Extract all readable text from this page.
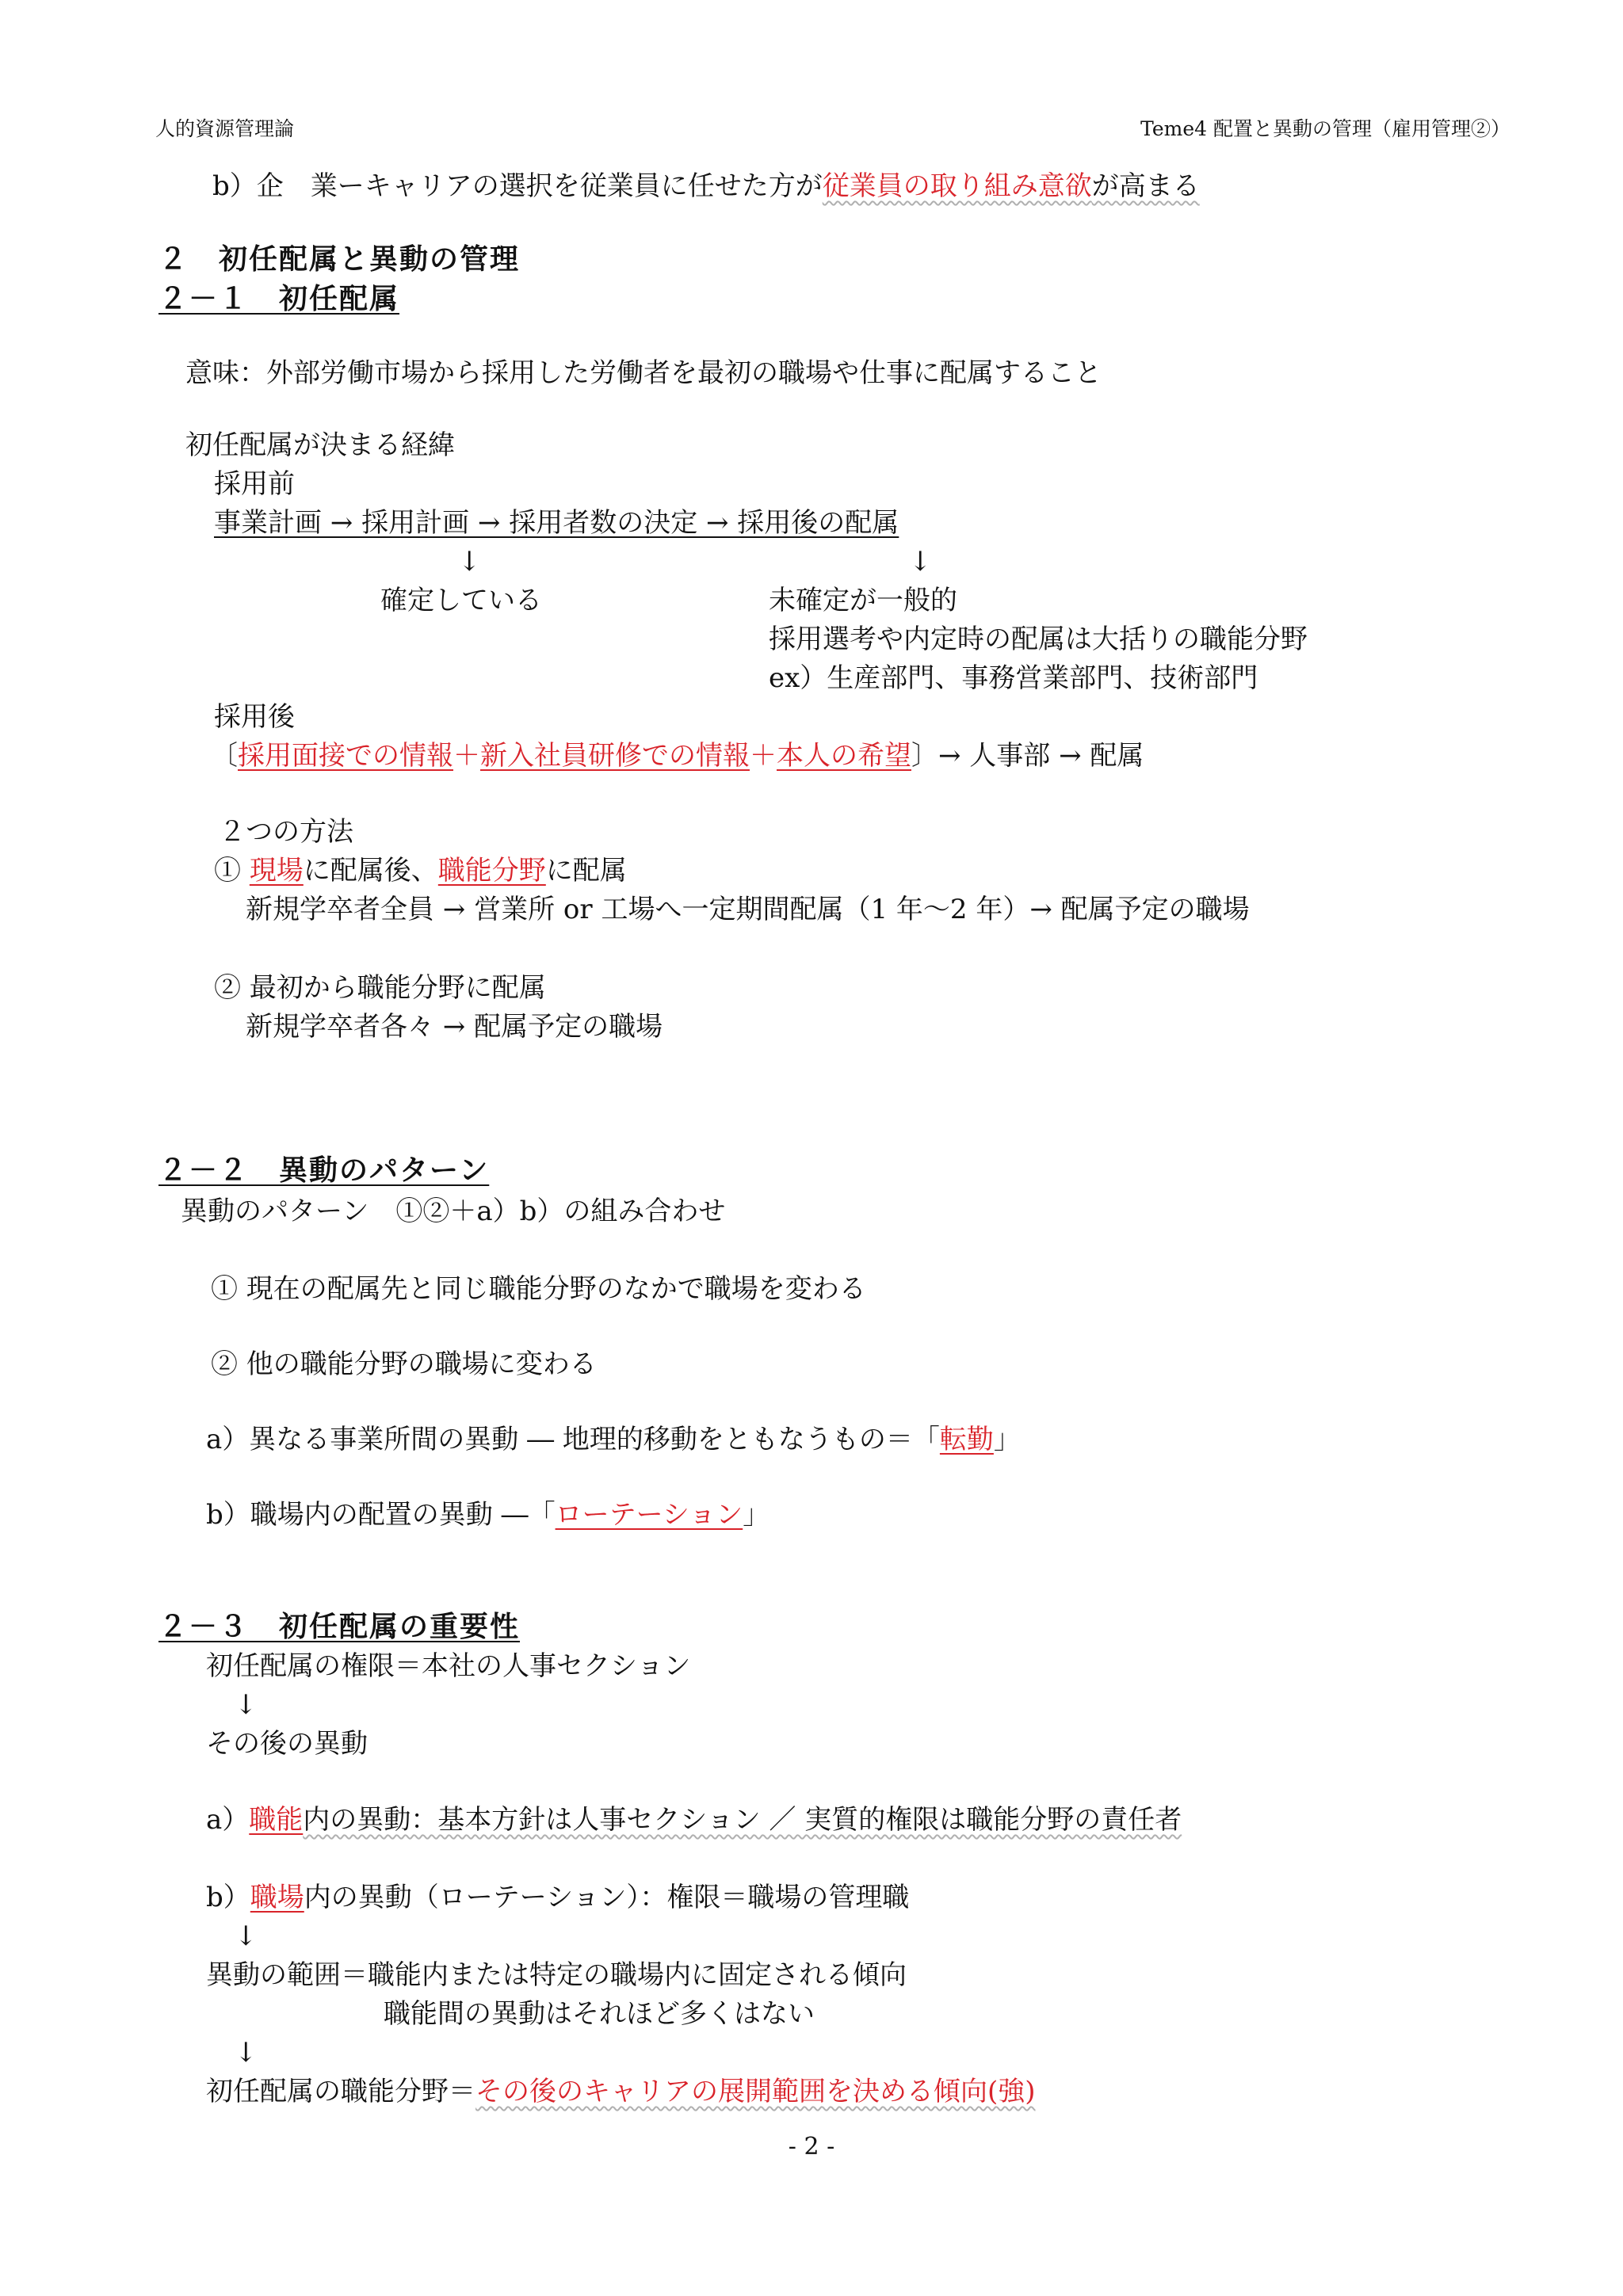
人的資源管理論	Teme4 配置と異動の管理（雇用管理②）
b）企　業ーキャリアの選択を従業員に任せた方が従業員の取り組み意欲が高まる
２　初任配属と異動の管理
２－１　初任配属
意味：外部労働市場から採用した労働者を最初の職場や仕事に配属すること
初任配属が決まる経緯
採用前
事業計画 → 採用計画 → 採用者数の決定 → 採用後の配属
↓	↓
確定している	未確定が一般的
採用選考や内定時の配属は大括りの職能分野
ex）生産部門、事務営業部門、技術部門
採用後
〔採用面接での情報＋新入社員研修での情報＋本人の希望〕→ 人事部 → 配属
２つの方法
① 現場に配属後、職能分野に配属
新規学卒者全員 → 営業所 or 工場へ一定期間配属（1 年〜2 年）→ 配属予定の職場
② 最初から職能分野に配属
新規学卒者各々 → 配属予定の職場
２－２　異動のパターン
異動のパターン　①②＋a）b）の組み合わせ
① 現在の配属先と同じ職能分野のなかで職場を変わる
② 他の職能分野の職場に変わる
a）異なる事業所間の異動 ― 地理的移動をともなうもの＝「転勤」
b）職場内の配置の異動 ―「ローテーション」
２－３　初任配属の重要性
初任配属の権限＝本社の人事セクション
↓
その後の異動
a）職能内の異動：基本方針は人事セクション ／ 実質的権限は職能分野の責任者
b）職場内の異動（ローテーション）：権限＝職場の管理職
↓
異動の範囲＝職能内または特定の職場内に固定される傾向
職能間の異動はそれほど多くはない
↓
初任配属の職能分野＝その後のキャリアの展開範囲を決める傾向(強)
- 2 -
